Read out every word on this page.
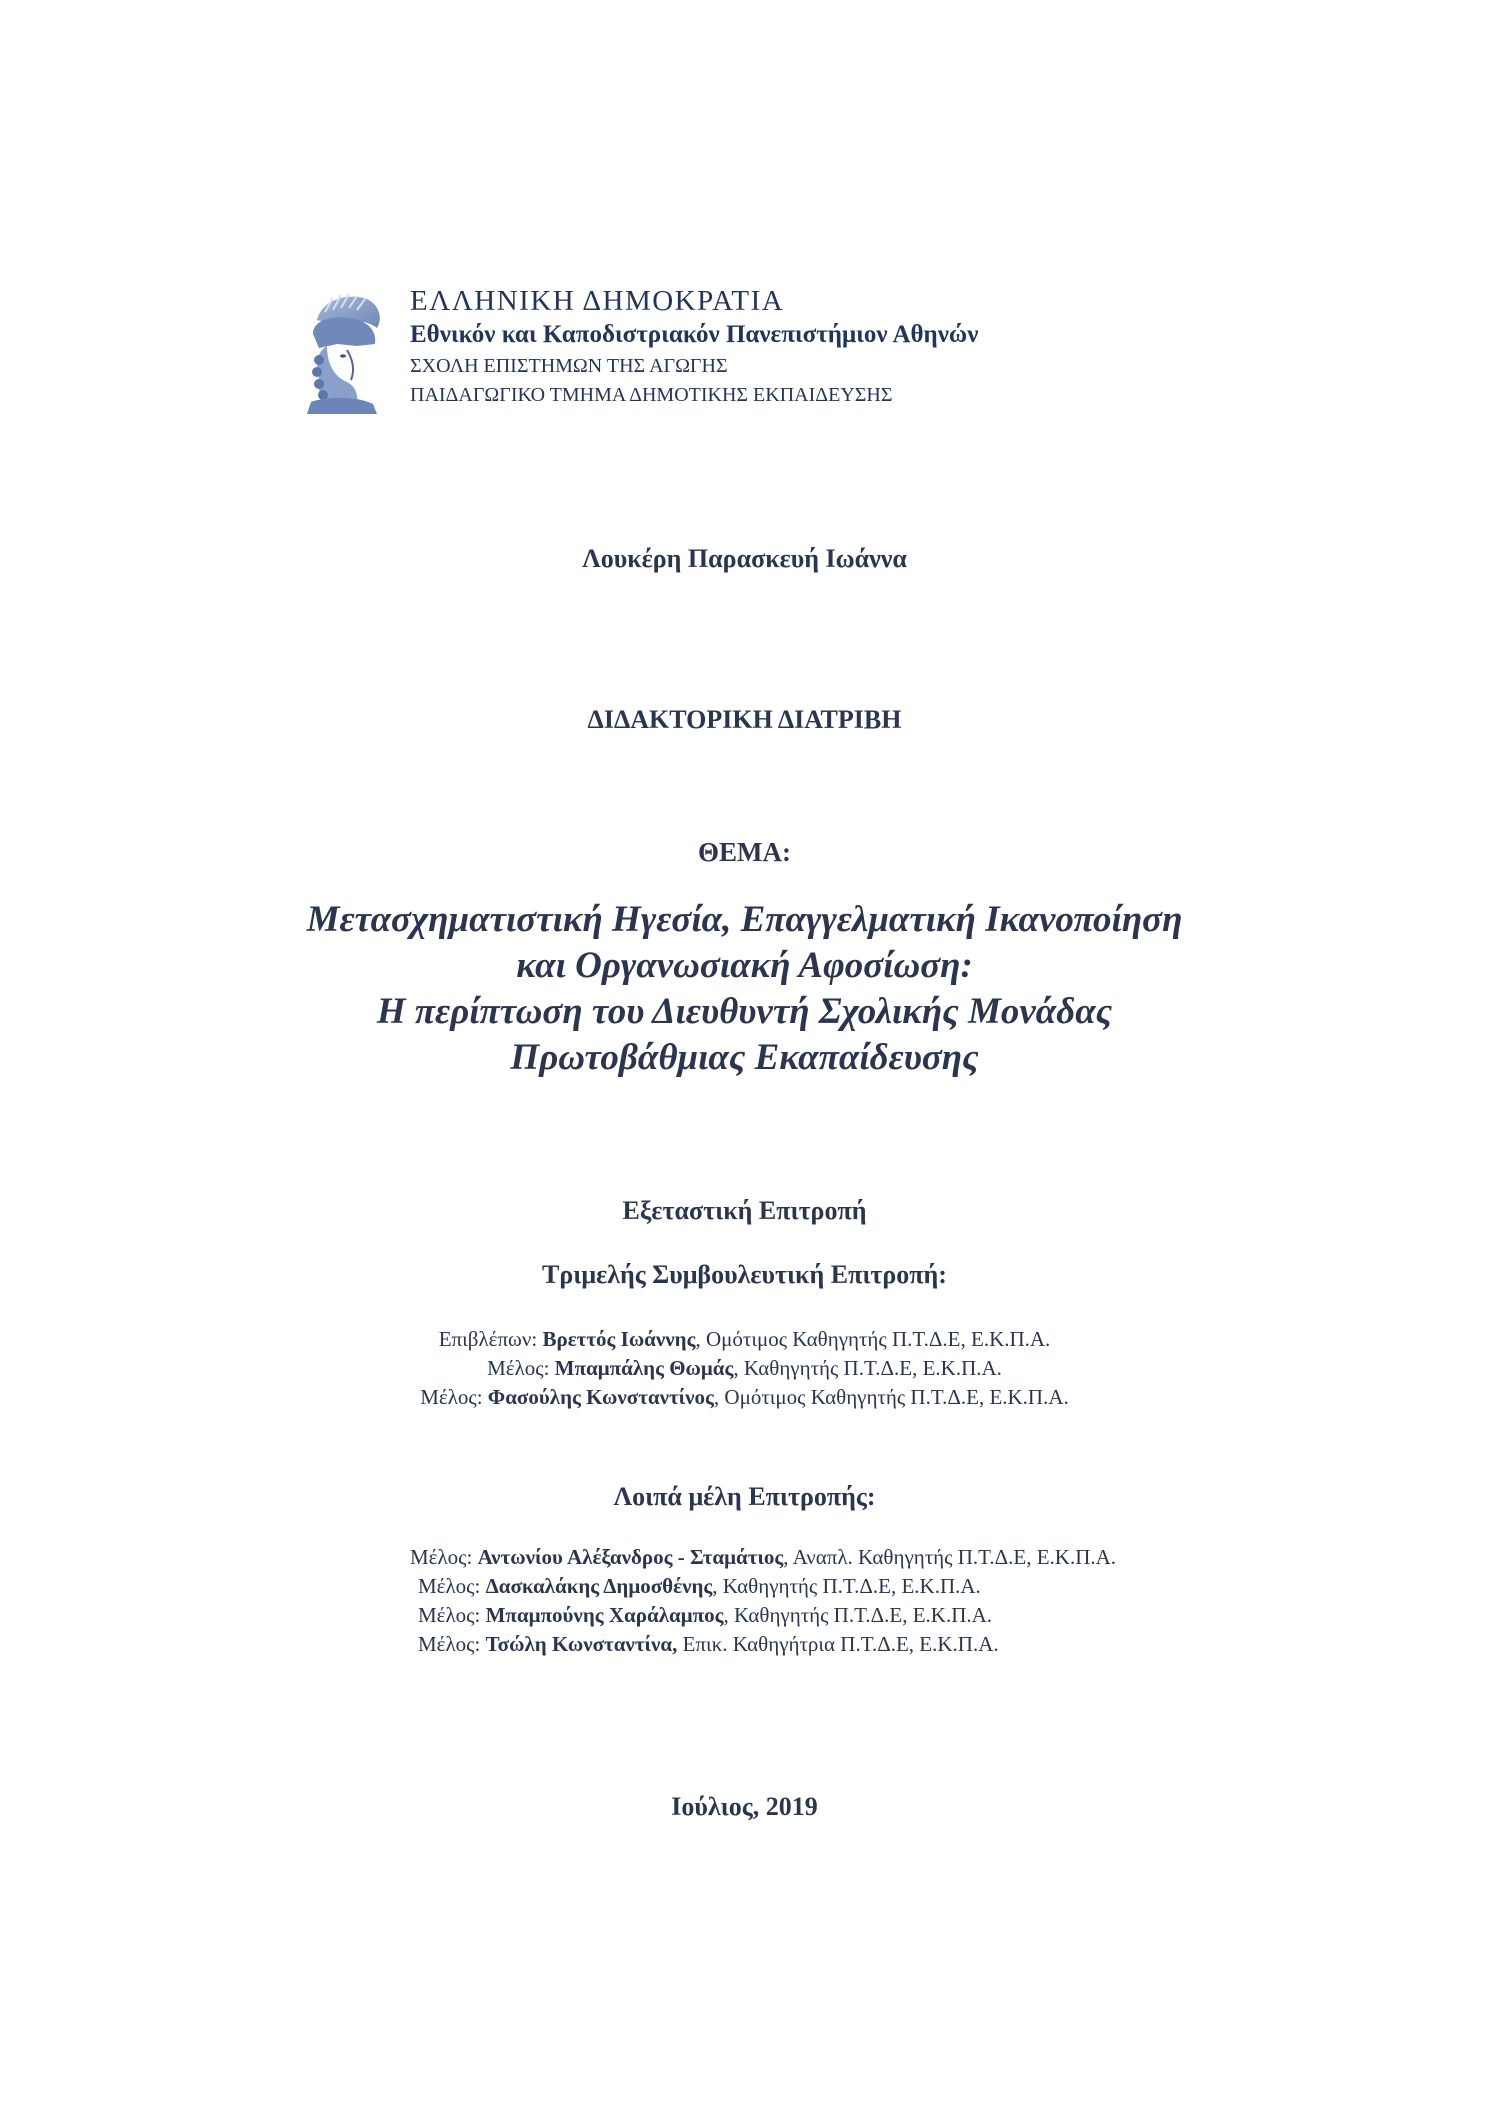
ΕΛΛΗΝΙΚΗ ΔΗΜΟΚΡΑΤΙΑ
Εθνικόν και Καποδιστριακόν Πανεπιστήμιον Αθηνών
ΣΧΟΛΗ ΕΠΙΣΤΗΜΩΝ ΤΗΣ ΑΓΩΓΗΣ
ΠΑΙΔΑΓΩΓΙΚΟ ΤΜΗΜΑ ΔΗΜΟΤΙΚΗΣ ΕΚΠΑΙΔΕΥΣΗΣ
Λουκέρη Παρασκευή Ιωάννα
ΔΙΔΑΚΤΟΡΙΚΗ ΔΙΑΤΡΙΒΗ
ΘΕΜΑ:
Μετασχηματιστική Ηγεσία, Επαγγελματική Ικανοποίηση
και Οργανωσιακή Αφοσίωση:
Η περίπτωση του Διευθυντή Σχολικής Μονάδας
Πρωτοβάθμιας Εκαπαίδευσης
Εξεταστική Επιτροπή
Τριμελής Συμβουλευτική Επιτροπή:
Επιβλέπων: Βρεττός Ιωάννης, Ομότιμος Καθηγητής Π.Τ.Δ.Ε, Ε.Κ.Π.Α.
Μέλος: Μπαμπάλης Θωμάς, Καθηγητής Π.Τ.Δ.Ε, Ε.Κ.Π.Α.
Μέλος: Φασούλης Κωνσταντίνος, Ομότιμος Καθηγητής Π.Τ.Δ.Ε, Ε.Κ.Π.Α.
Λοιπά μέλη Επιτροπής:
Μέλος: Αντωνίου Αλέξανδρος - Σταμάτιος, Αναπλ. Καθηγητής Π.Τ.Δ.Ε, Ε.Κ.Π.Α.
Μέλος: Δασκαλάκης Δημοσθένης, Καθηγητής Π.Τ.Δ.Ε, Ε.Κ.Π.Α.
Μέλος: Μπαμπούνης Χαράλαμπος, Καθηγητής Π.Τ.Δ.Ε, Ε.Κ.Π.Α.
Μέλος: Τσώλη Κωνσταντίνα, Επικ. Καθηγήτρια Π.Τ.Δ.Ε, Ε.Κ.Π.Α.
Ιούλιος, 2019
